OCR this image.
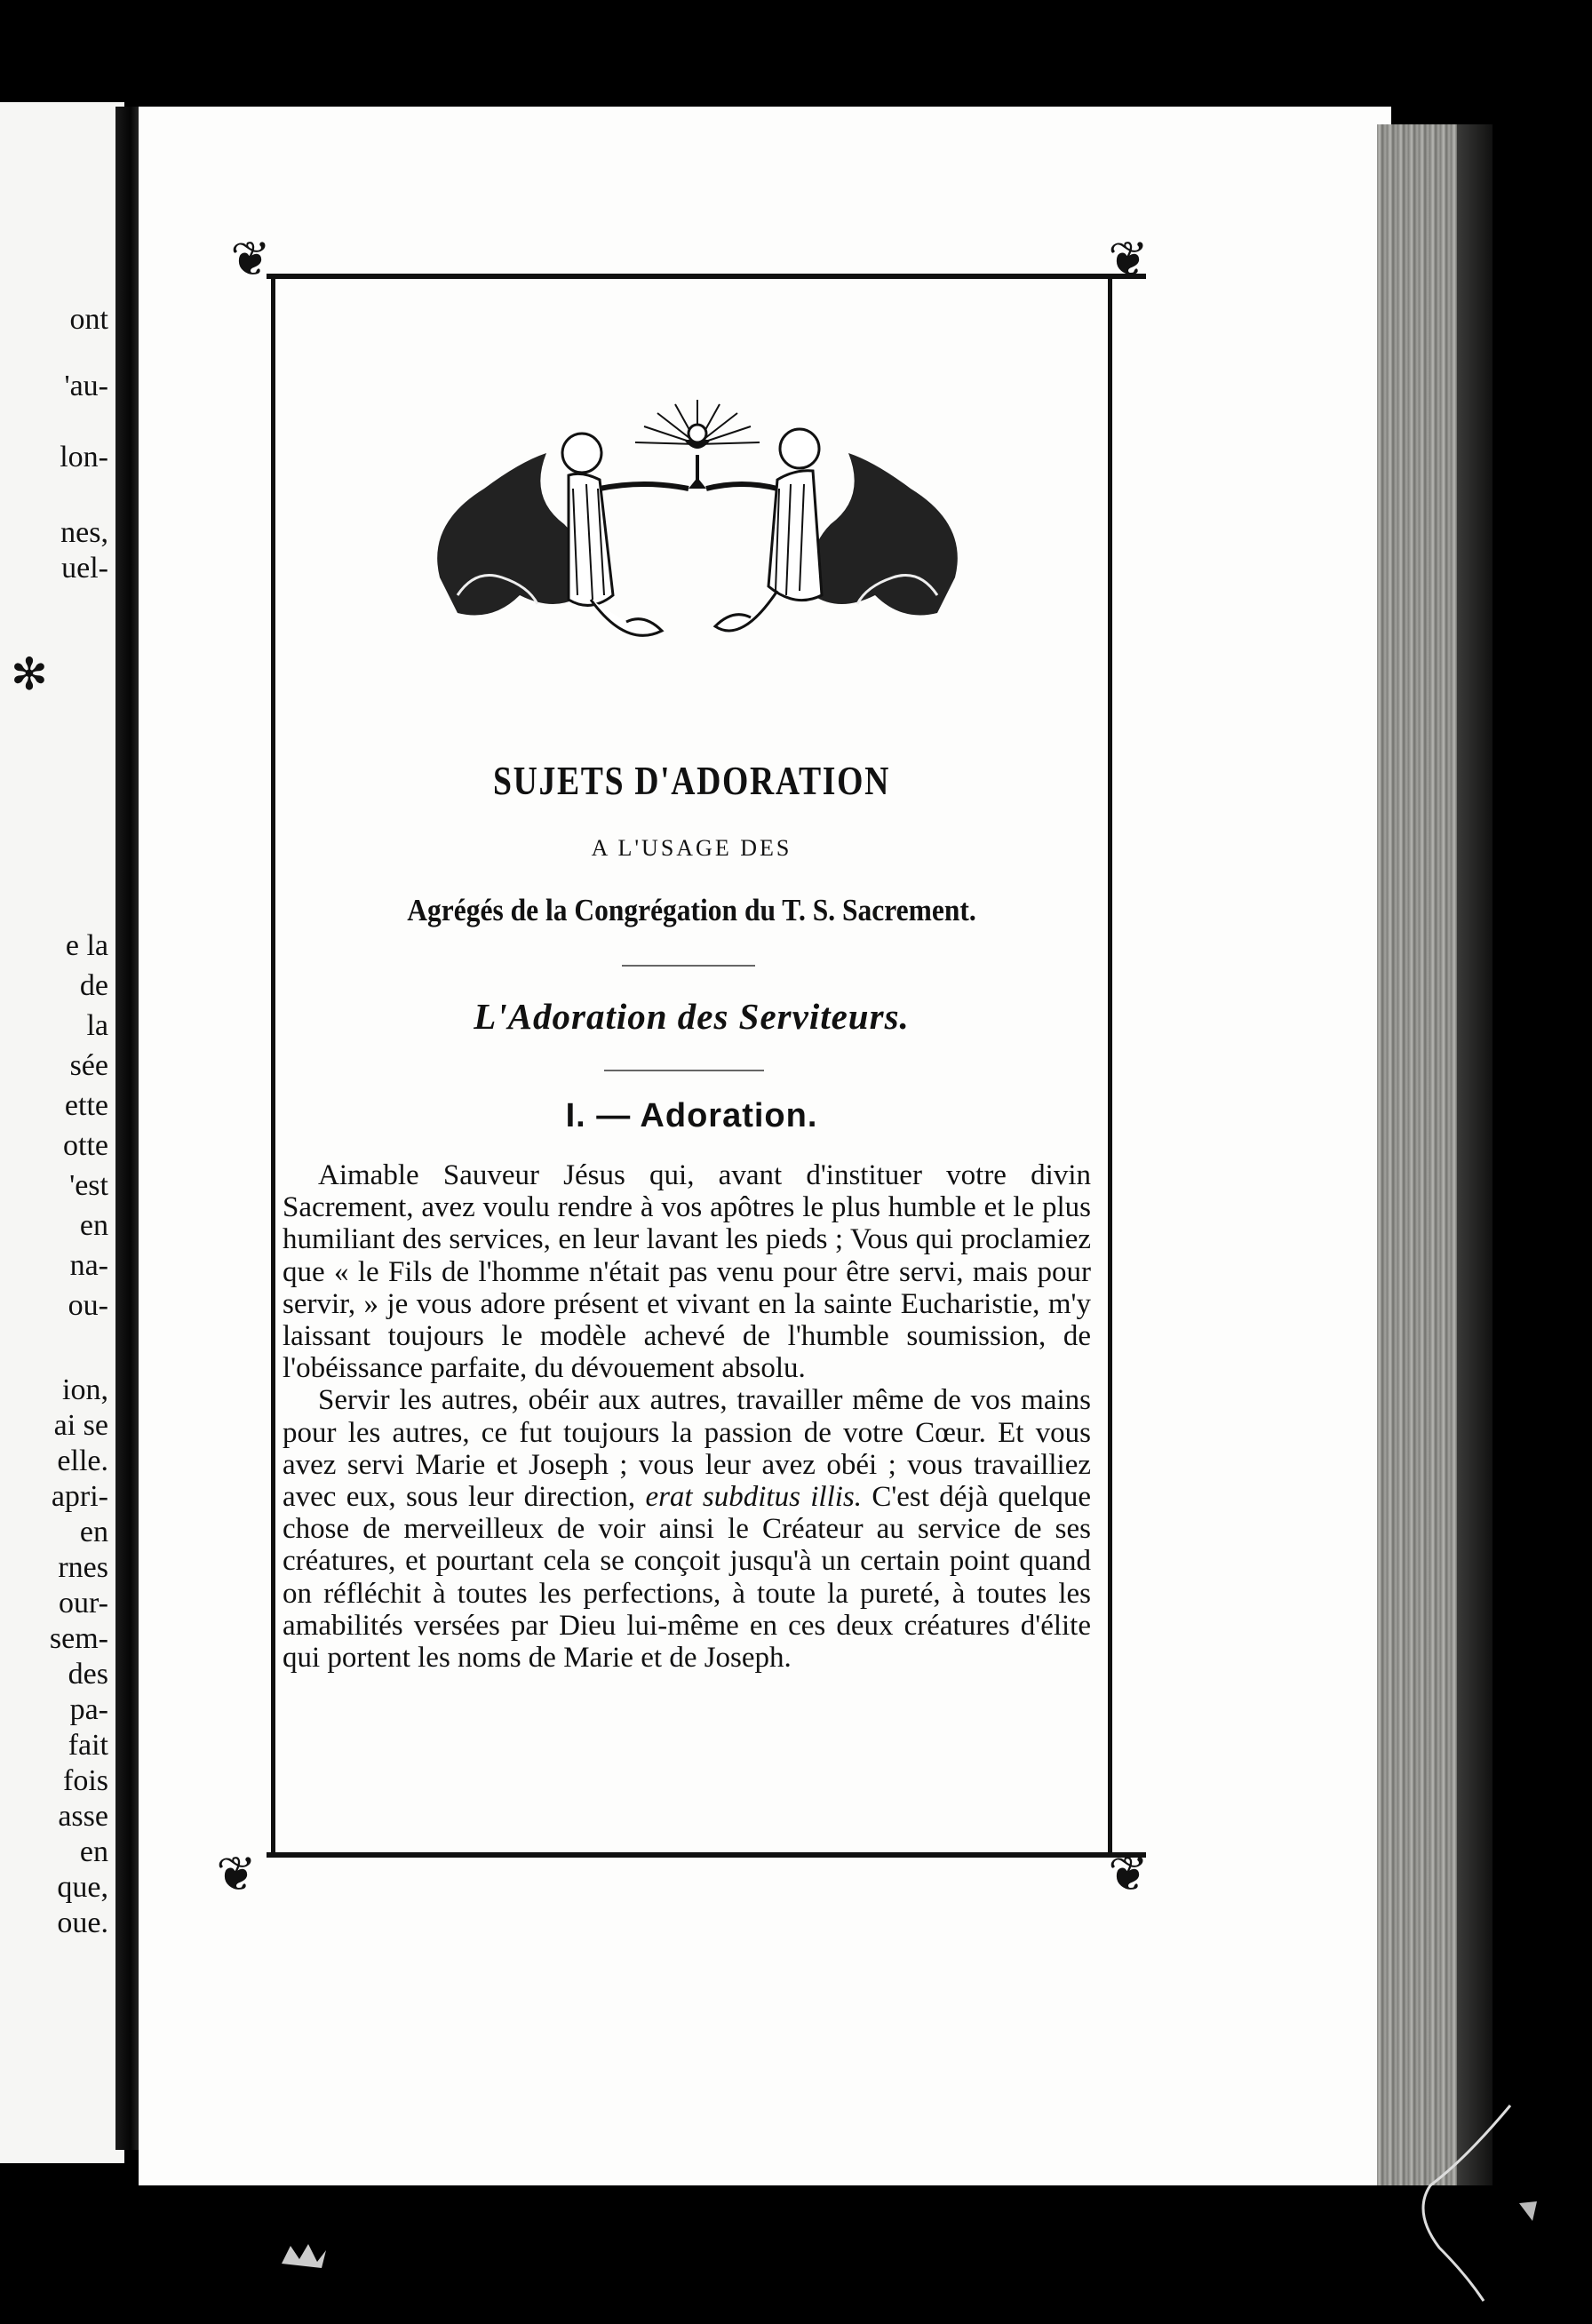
✻
ont
'au-
lon-
nes,
uel-
e la
de
la
sée
ette
otte
'est
en
na-
ou-
ion,
ai se
elle.
apri-
en
rnes
our-
sem-
des
pa-
fait
fois
asse
en
que,
oue.
❦	❦
❦	❦
SUJETS D'ADORATION
A L'USAGE DES
Agrégés de la Congrégation du T. S. Sacrement.
L'Adoration des Serviteurs.
I. — Adoration.

Aimable Sauveur Jésus qui, avant d'instituer votre divin Sacrement, avez voulu rendre à vos apôtres le plus humble et le plus humiliant des services, en leur lavant les pieds ; Vous qui proclamiez que « le Fils de l'homme n'était pas venu pour être servi, mais pour servir, » je vous adore présent et vivant en la sainte Eucharistie, m'y laissant toujours le modèle achevé de l'humble soumission, de l'obéissance parfaite, du dévouement absolu.

Servir les autres, obéir aux autres, travailler même de vos mains pour les autres, ce fut toujours la passion de votre Cœur. Et vous avez servi Marie et Joseph ; vous leur avez obéi ; vous travailliez avec eux, sous leur direction, erat subditus illis. C'est déjà quelque chose de merveilleux de voir ainsi le Créateur au service de ses créatures, et pourtant cela se conçoit jusqu'à un certain point quand on réfléchit à toutes les perfections, à toute la pureté, à toutes les amabilités versées par Dieu lui-même en ces deux créatures d'élite qui portent les noms de Marie et de Joseph.
